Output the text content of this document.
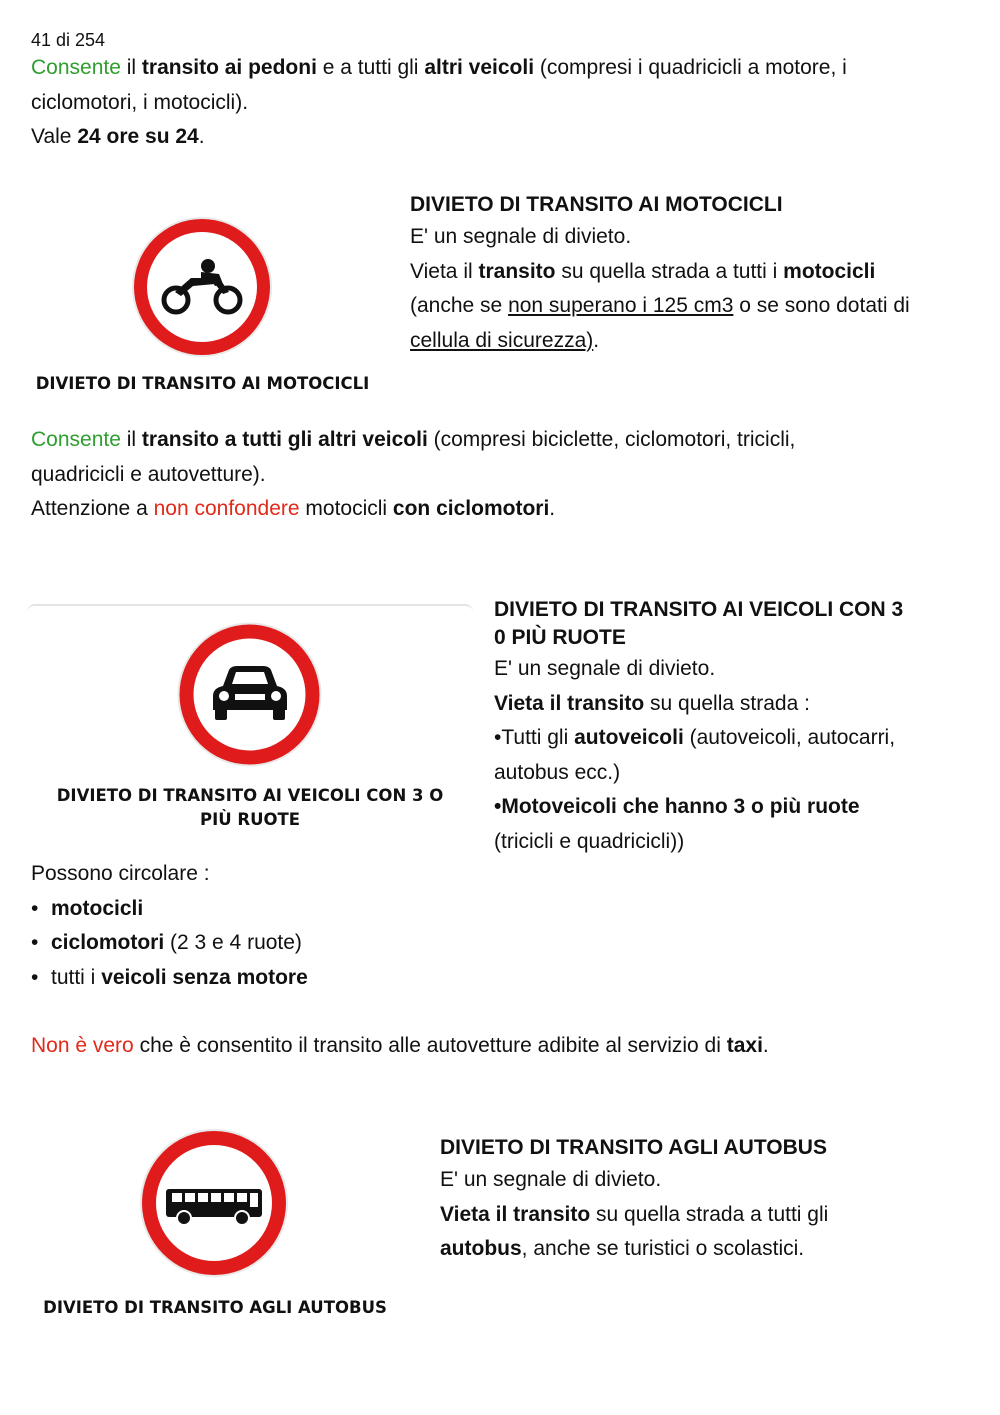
41 di 254
Consente il transito ai pedoni e a tutti gli altri veicoli (compresi i quadricicli a motore, i
ciclomotori, i motocicli).
Vale 24 ore su 24.
DIVIETO DI TRANSITO AI MOTOCICLI
DIVIETO DI TRANSITO AI MOTOCICLI
E' un segnale di divieto.
Vieta il transito su quella strada a tutti i motocicli
(anche se non superano i 125 cm3 o se sono dotati di
cellula di sicurezza).
Consente il transito a tutti gli altri veicoli (compresi biciclette, ciclomotori, tricicli,
quadricicli e autovetture).
Attenzione a non confondere motocicli con ciclomotori.
DIVIETO DI TRANSITO AI VEICOLI CON 3 O
PIÙ RUOTE
DIVIETO DI TRANSITO AI VEICOLI CON 3
0 PIÙ RUOTE
E' un segnale di divieto.
Vieta il transito su quella strada :
•Tutti gli autoveicoli (autoveicoli, autocarri,
autobus ecc.)
•Motoveicoli che hanno 3 o più ruote
(tricicli e quadricicli))
Possono circolare :
• motocicli
• ciclomotori (2 3 e 4 ruote)
• tutti i veicoli senza motore
Non è vero che è consentito il transito alle autovetture adibite al servizio di taxi.
DIVIETO DI TRANSITO AGLI AUTOBUS
DIVIETO DI TRANSITO AGLI AUTOBUS
E' un segnale di divieto.
Vieta il transito su quella strada a tutti gli
autobus, anche se turistici o scolastici.
